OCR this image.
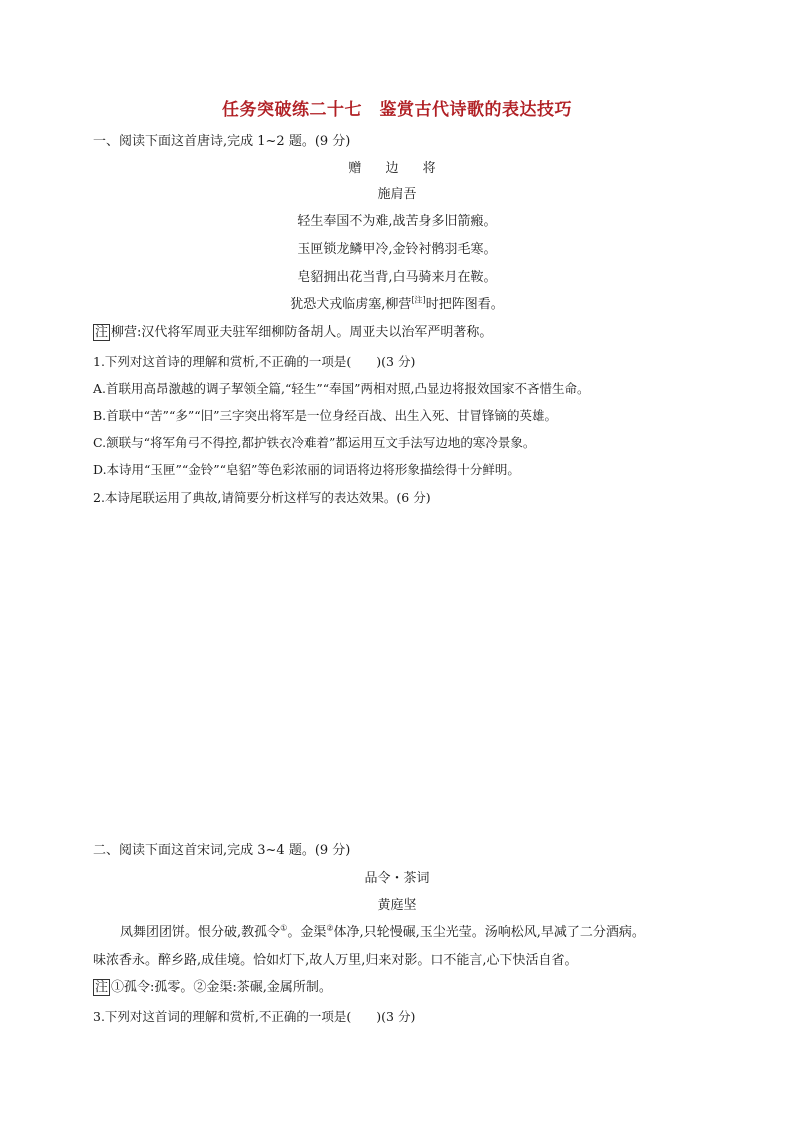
任务突破练二十七　鉴赏古代诗歌的表达技巧
一、阅读下面这首唐诗,完成 1~2 题。(9 分)
赠 边 将
施肩吾
轻生奉国不为难,战苦身多旧箭瘢。
玉匣锁龙鳞甲冷,金铃衬鹘羽毛寒。
皂貂拥出花当背,白马骑来月在鞍。
犹恐犬戎临虏塞,柳营[注]时把阵图看。
注 柳营:汉代将军周亚夫驻军细柳防备胡人。周亚夫以治军严明著称。
1.下列对这首诗的理解和赏析,不正确的一项是(　　)(3 分)
A.首联用高昂激越的调子挈领全篇,“轻生”“奉国”两相对照,凸显边将报效国家不吝惜生命。
B.首联中“苦”“多”“旧”三字突出将军是一位身经百战、出生入死、甘冒锋镝的英雄。
C.颔联与“将军角弓不得控,都护铁衣冷难着”都运用互文手法写边地的寒冷景象。
D.本诗用“玉匣”“金铃”“皂貂”等色彩浓丽的词语将边将形象描绘得十分鲜明。
2.本诗尾联运用了典故,请简要分析这样写的表达效果。(6 分)
二、阅读下面这首宋词,完成 3~4 题。(9 分)
品令・茶词
黄庭坚
凤舞团团饼。恨分破,教孤令①。金渠②体净,只轮慢碾,玉尘光莹。汤响松风,早减了二分酒病。
味浓香永。醉乡路,成佳境。恰如灯下,故人万里,归来对影。口不能言,心下快活自省。
注 ①孤令:孤零。②金渠:茶碾,金属所制。
3.下列对这首词的理解和赏析,不正确的一项是(　　)(3 分)
